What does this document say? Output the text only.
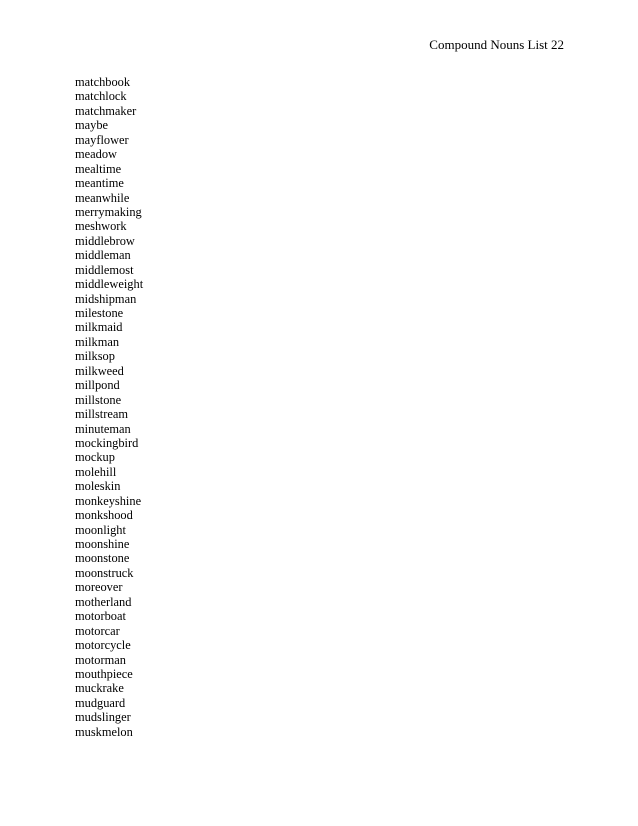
Compound Nouns List 22
matchbook
matchlock
matchmaker
maybe
mayflower
meadow
mealtime
meantime
meanwhile
merrymaking
meshwork
middlebrow
middleman
middlemost
middleweight
midshipman
milestone
milkmaid
milkman
milksop
milkweed
millpond
millstone
millstream
minuteman
mockingbird
mockup
molehill
moleskin
monkeyshine
monkshood
moonlight
moonshine
moonstone
moonstruck
moreover
motherland
motorboat
motorcar
motorcycle
motorman
mouthpiece
muckrake
mudguard
mudslinger
muskmelon
